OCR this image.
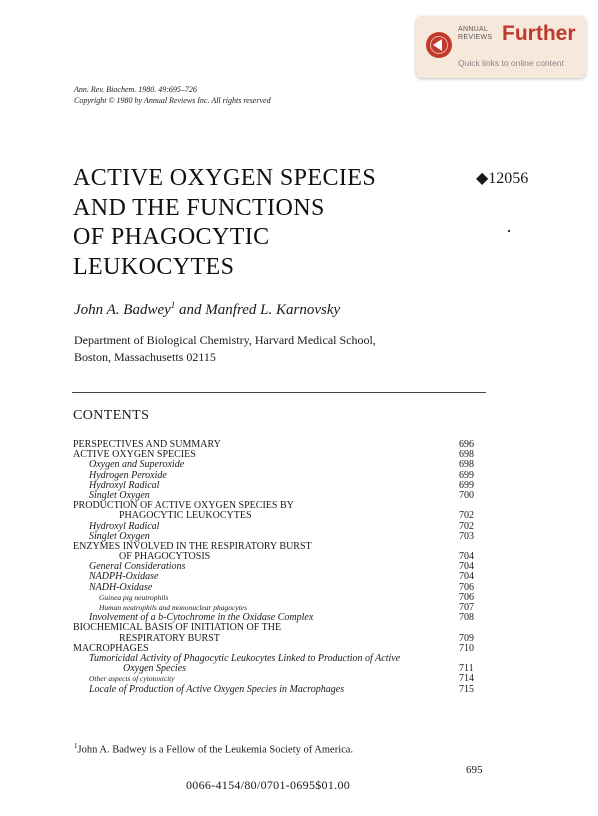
ANNUAL
REVIEWS Further
Quick links to online content
Ann. Rev. Biochem. 1980. 49:695–726
Copyright © 1980 by Annual Reviews Inc. All rights reserved
ACTIVE OXYGEN SPECIES
AND THE FUNCTIONS
OF PHAGOCYTIC
LEUKOCYTES
◆12056
John A. Badwey$^1$ and Manfred L. Karnovsky
Department of Biological Chemistry, Harvard Medical School,
Boston, Massachusetts 02115
CONTENTS
PERSPECTIVES AND SUMMARY	696
ACTIVE OXYGEN SPECIES	698
Oxygen and Superoxide	698
Hydrogen Peroxide	699
Hydroxyl Radical	699
Singlet Oxygen	700
PRODUCTION OF ACTIVE OXYGEN SPECIES BY
PHAGOCYTIC LEUKOCYTES	702
Hydroxyl Radical	702
Singlet Oxygen	703
ENZYMES INVOLVED IN THE RESPIRATORY BURST
OF PHAGOCYTOSIS	704
General Considerations	704
NADPH-Oxidase	704
NADH-Oxidase	706
Guinea pig neutrophils	706
Human neutrophils and mononuclear phagocytes	707
Involvement of a b-Cytochrome in the Oxidase Complex	708
BIOCHEMICAL BASIS OF INITIATION OF THE
RESPIRATORY BURST	709
MACROPHAGES	710
Tumoricidal Activity of Phagocytic Leukocytes Linked to Production of Active
Oxygen Species	711
Other aspects of cytotoxicity	714
Locale of Production of Active Oxygen Species in Macrophages	715
$^1$John A. Badwey is a Fellow of the Leukemia Society of America.
695
0066-4154/80/0701-0695$01.00
